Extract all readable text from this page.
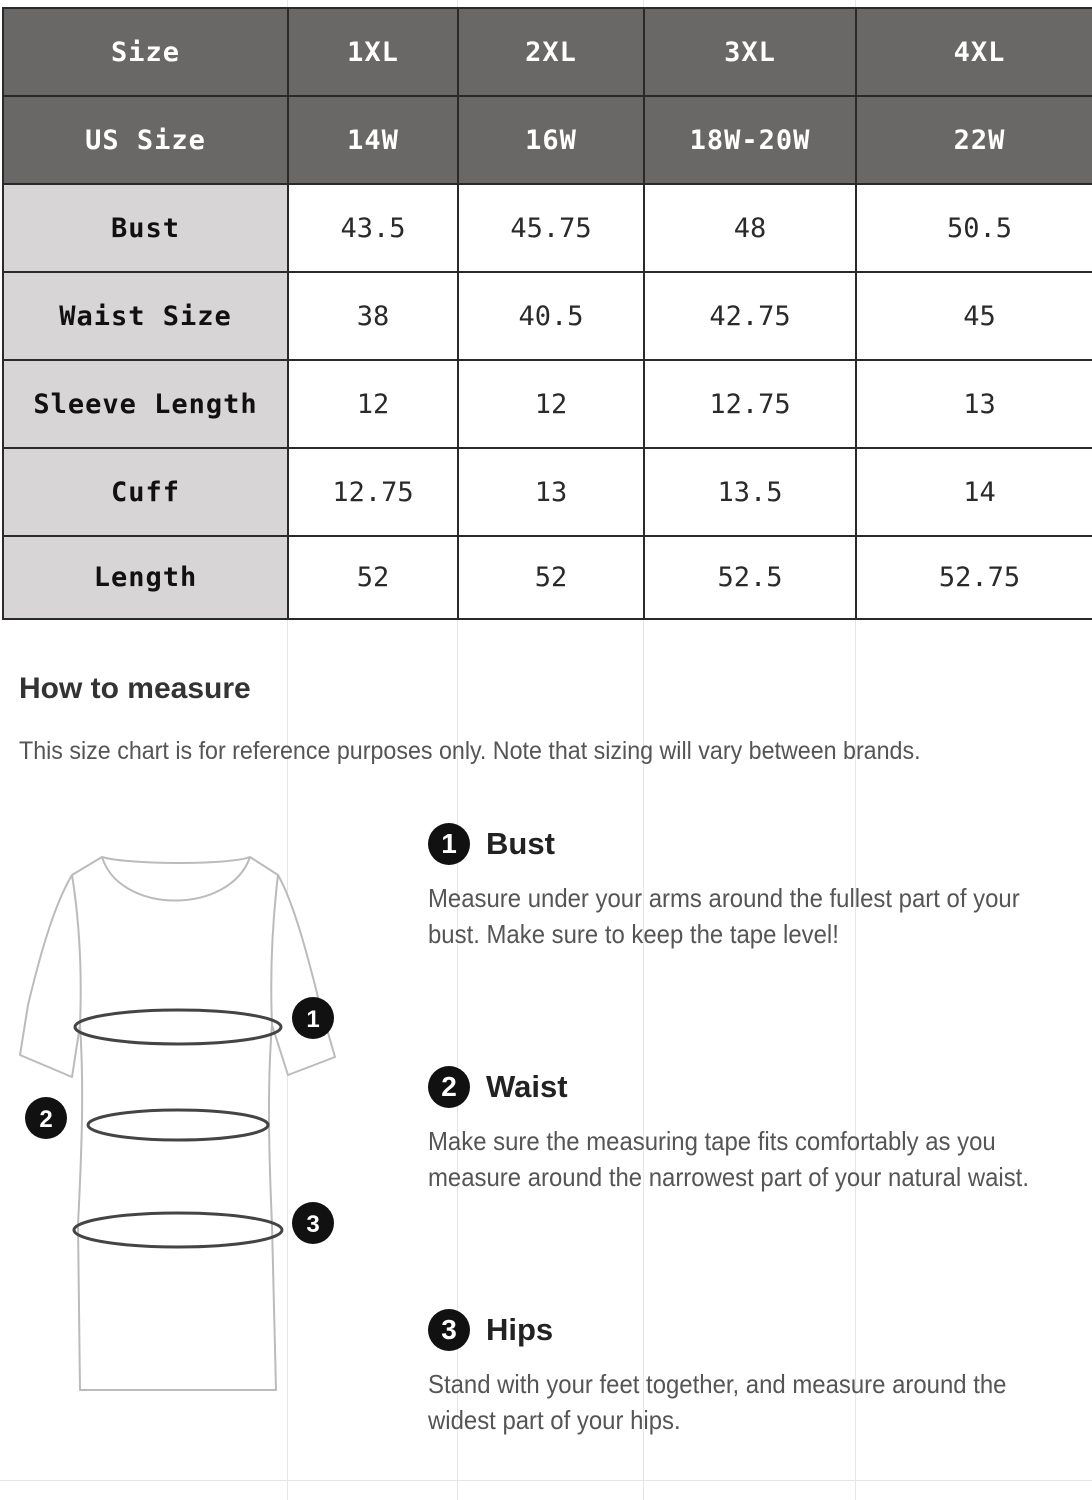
Size	1XL	2XL	3XL	4XL
US Size	14W	16W	18W-20W	22W
Bust	43.5	45.75	48	50.5
Waist Size	38	40.5	42.75	45
Sleeve Length	12	12	12.75	13
Cuff	12.75	13	13.5	14
Length	52	52	52.5	52.75
How to measure
This size chart is for reference purposes only. Note that sizing will vary between brands.
1
2
3
1 Bust
Measure under your arms around the fullest part of your bust. Make sure to keep the tape level!
2 Waist
Make sure the measuring tape fits comfortably as you measure around the narrowest part of your natural waist.
3 Hips
Stand with your feet together, and measure around the widest part of your hips.
